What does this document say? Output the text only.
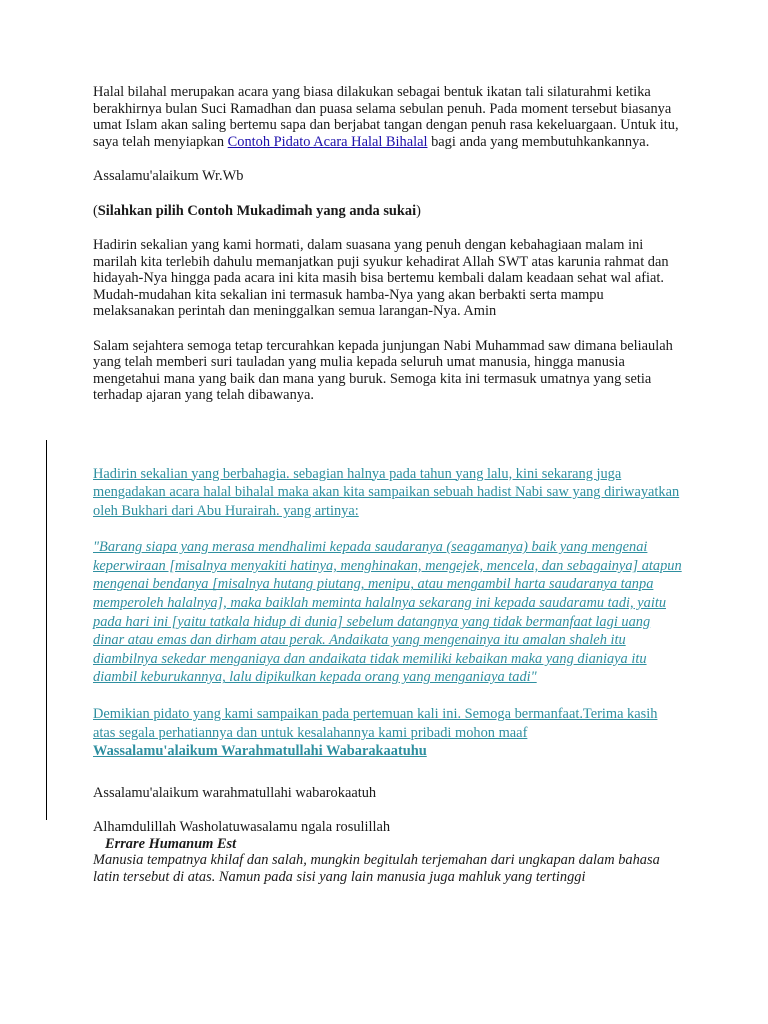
Halal bilahal merupakan acara yang biasa dilakukan sebagai bentuk ikatan tali silaturahmi ketika berakhirnya bulan Suci Ramadhan dan puasa selama sebulan penuh. Pada moment tersebut biasanya umat Islam akan saling bertemu sapa dan berjabat tangan dengan penuh rasa kekeluargaan. Untuk itu, saya telah menyiapkan Contoh Pidato Acara Halal Bihalal bagi anda yang membutuhkankannya.

Assalamu'alaikum Wr.Wb

(Silahkan pilih Contoh Mukadimah yang anda sukai)

Hadirin sekalian yang kami hormati, dalam suasana yang penuh dengan kebahagiaan malam ini marilah kita terlebih dahulu memanjatkan puji syukur kehadirat Allah SWT atas karunia rahmat dan hidayah-Nya hingga pada acara ini kita masih bisa bertemu kembali dalam keadaan sehat wal afiat. Mudah-mudahan kita sekalian ini termasuk hamba-Nya yang akan berbakti serta mampu melaksanakan perintah dan meninggalkan semua larangan-Nya. Amin

Salam sejahtera semoga tetap tercurahkan kepada junjungan Nabi Muhammad saw dimana beliaulah yang telah memberi suri tauladan yang mulia kepada seluruh umat manusia, hingga manusia mengetahui mana yang baik dan mana yang buruk. Semoga kita ini termasuk umatnya yang setia terhadap ajaran yang telah dibawanya.

Hadirin sekalian yang berbahagia. sebagian halnya pada tahun yang lalu, kini sekarang juga mengadakan acara halal bihalal maka akan kita sampaikan sebuah hadist Nabi saw yang diriwayatkan oleh Bukhari dari Abu Hurairah. yang artinya:

"Barang siapa yang merasa mendhalimi kepada saudaranya (seagamanya) baik yang mengenai keperwiraan [misalnya menyakiti hatinya, menghinakan, mengejek, mencela, dan sebagainya] atapun mengenai bendanya [misalnya hutang piutang, menipu, atau mengambil harta saudaranya tanpa memperoleh halalnya], maka baiklah meminta halalnya sekarang ini kepada saudaramu tadi, yaitu pada hari ini [yaitu tatkala hidup di dunia] sebelum datangnya yang tidak bermanfaat lagi uang dinar atau emas dan dirham atau perak. Andaikata yang mengenainya itu amalan shaleh itu diambilnya sekedar menganiaya dan andaikata tidak memiliki kebaikan maka yang dianiaya itu diambil keburukannya, lalu dipikulkan kepada orang yang menganiaya tadi"

Demikian pidato yang kami sampaikan pada pertemuan kali ini. Semoga bermanfaat.Terima kasih atas segala perhatiannya dan untuk kesalahannya kami pribadi mohon maaf

Wassalamu'alaikum Warahmatullahi Wabarakaatuhu

Assalamu'alaikum warahmatullahi wabarokaatuh

Alhamdulillah Washolatuwasalamu ngala rosulillah

Errare Humanum Est

Manusia tempatnya khilaf dan salah, mungkin begitulah terjemahan dari ungkapan dalam bahasa latin tersebut di atas. Namun pada sisi yang lain manusia juga mahluk yang tertinggi
